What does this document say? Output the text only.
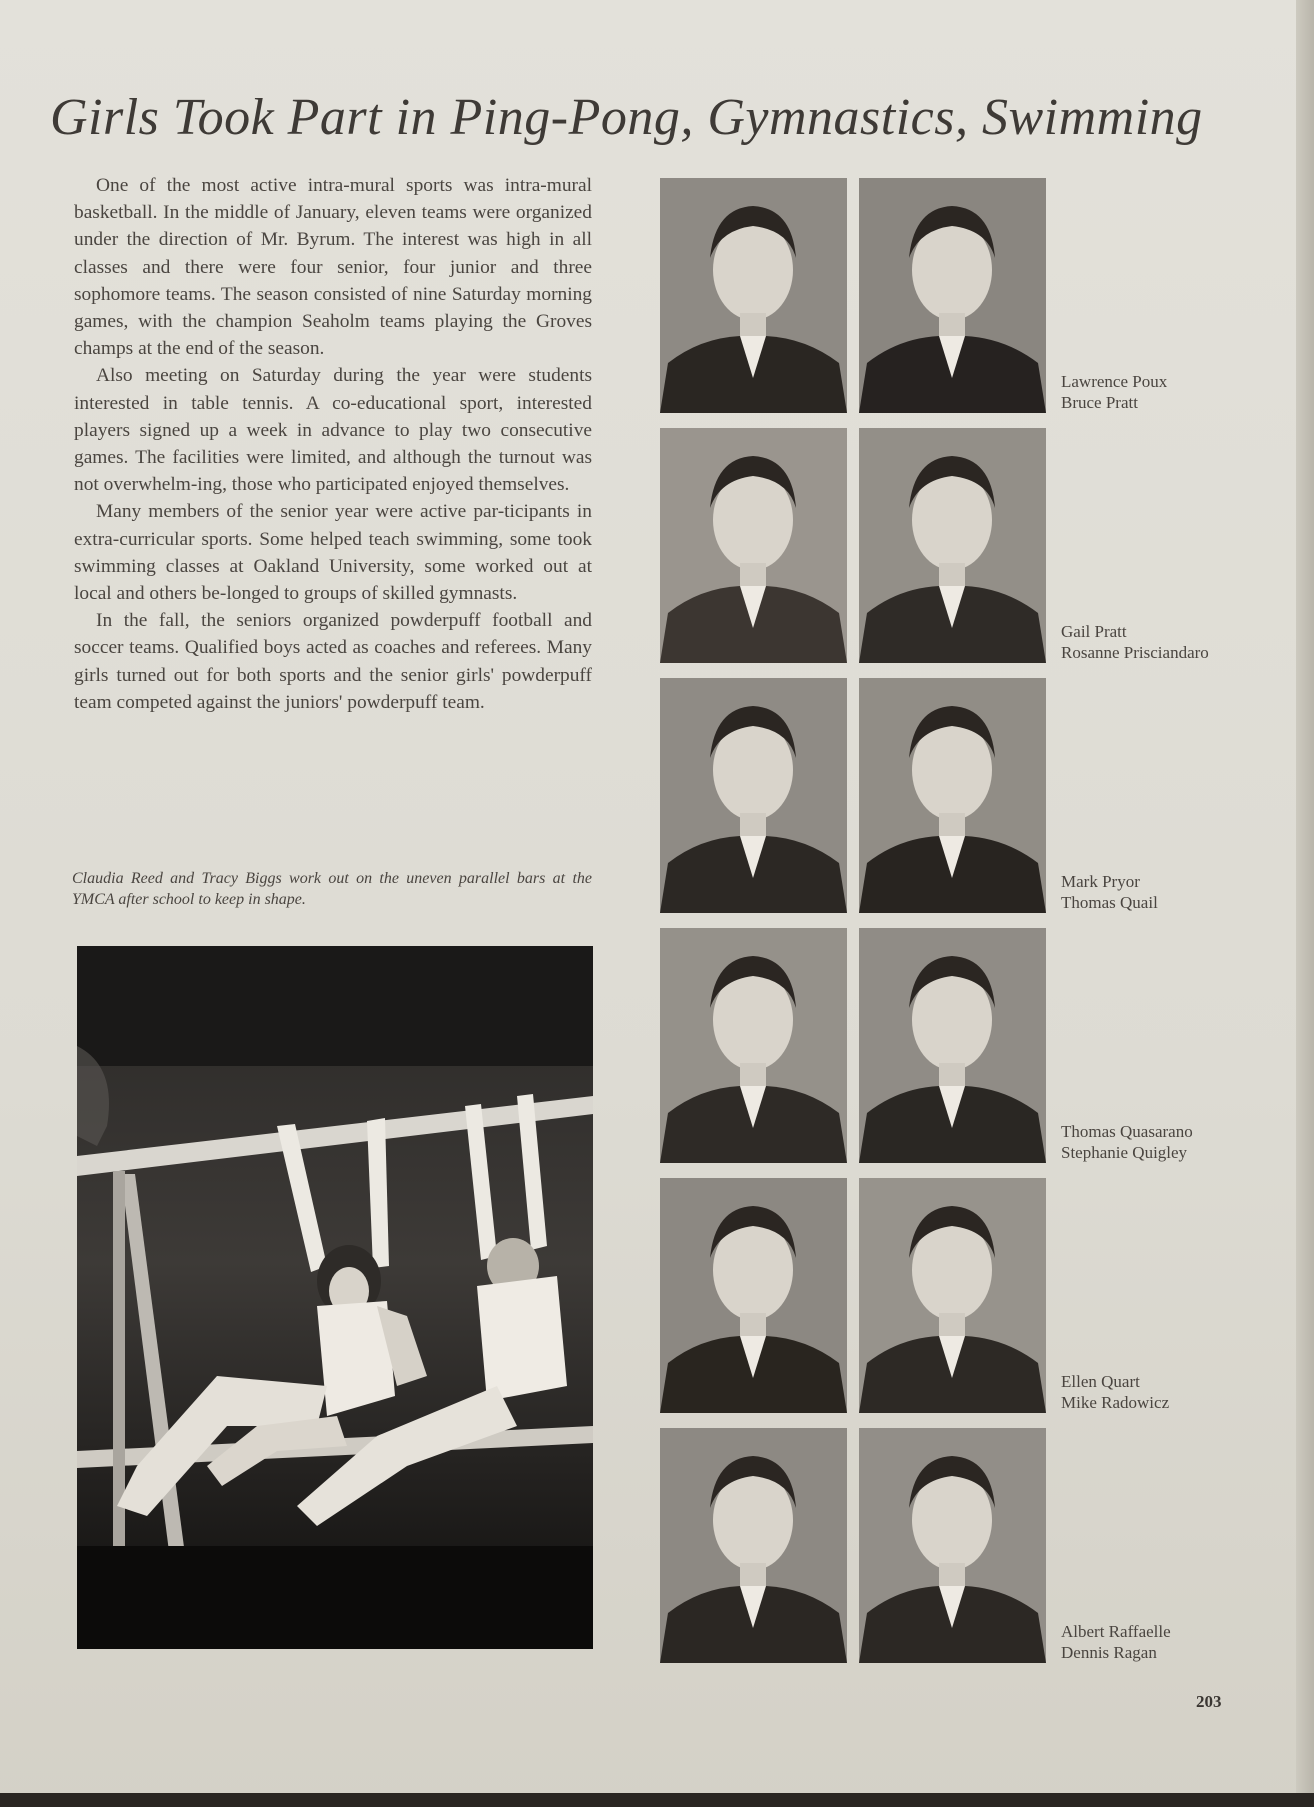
Girls Took Part in Ping-Pong, Gymnastics, Swimming

One of the most active intra-mural sports was intra-mural basketball. In the middle of January, eleven teams were organized under the direction of Mr. Byrum. The interest was high in all classes and there were four senior, four junior and three sophomore teams. The season consisted of nine Saturday morning games, with the champion Seaholm teams playing the Groves champs at the end of the season.

Also meeting on Saturday during the year were students interested in table tennis. A co-educational sport, interested players signed up a week in advance to play two consecutive games. The facilities were limited, and although the turnout was not overwhelm-ing, those who participated enjoyed themselves.

Many members of the senior year were active par-ticipants in extra-curricular sports. Some helped teach swimming, some took swimming classes at Oakland University, some worked out at local and others be-longed to groups of skilled gymnasts.

In the fall, the seniors organized powderpuff football and soccer teams. Qualified boys acted as coaches and referees. Many girls turned out for both sports and the senior girls' powderpuff team competed against the juniors' powderpuff team.

Claudia Reed and Tracy Biggs work out on the uneven parallel bars at the YMCA after school to keep in shape.
Lawrence Poux
Bruce Pratt
Gail Pratt
Rosanne Prisciandaro
Mark Pryor
Thomas Quail
Thomas Quasarano
Stephanie Quigley
Ellen Quart
Mike Radowicz
Albert Raffaelle
Dennis Ragan
203
